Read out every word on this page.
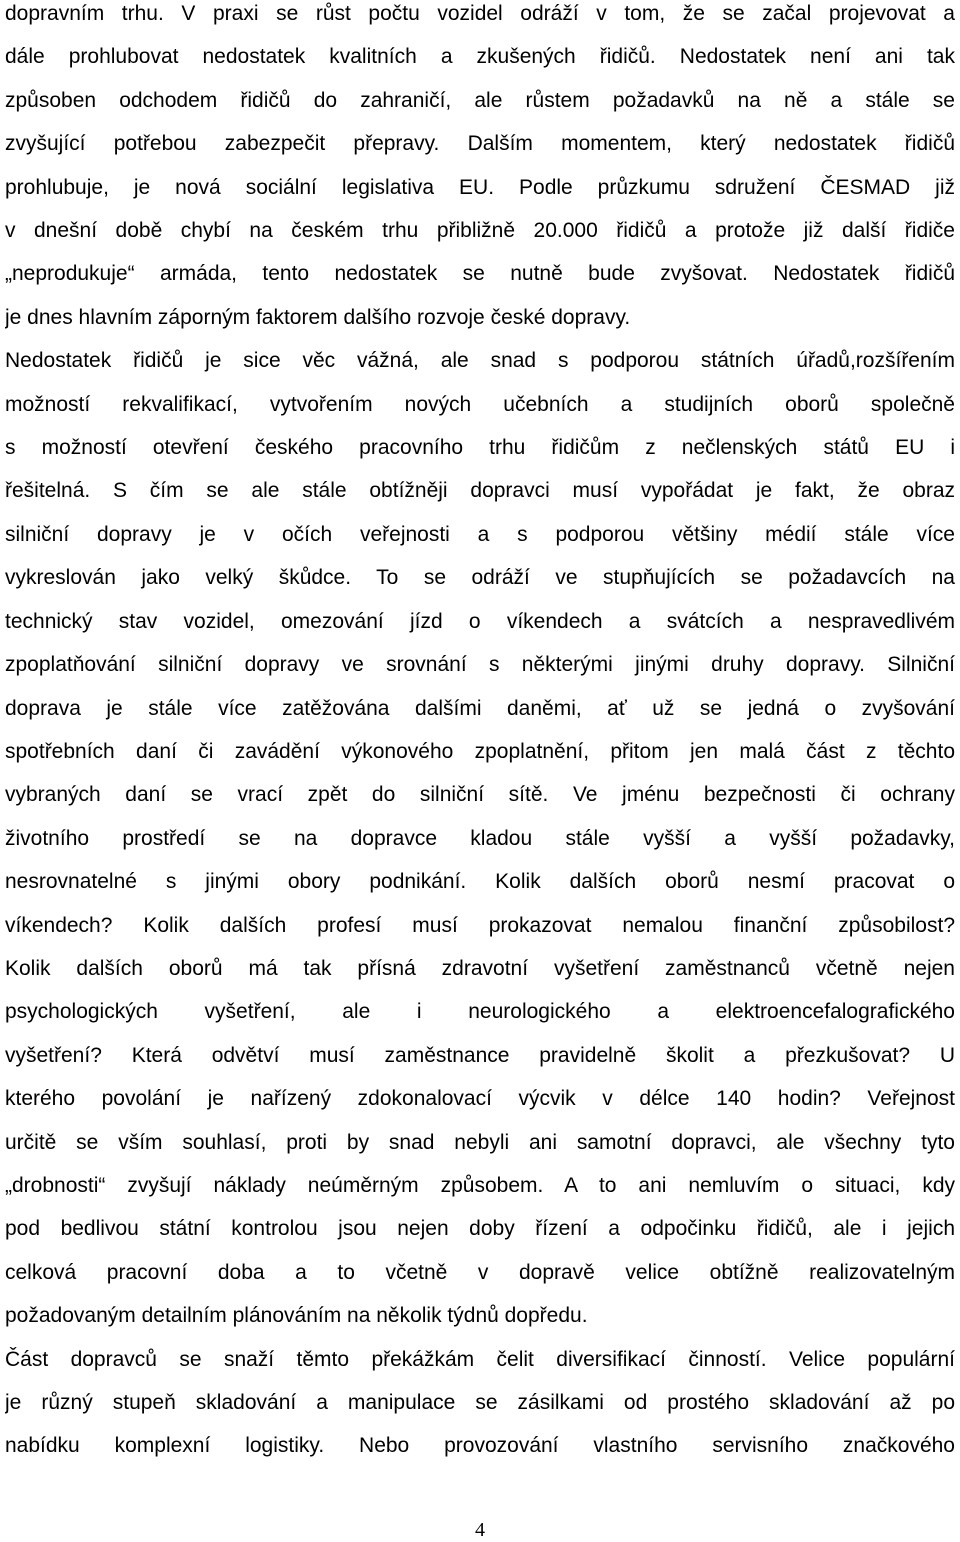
dopravním trhu. V praxi se růst počtu vozidel odráží v tom, že se začal projevovat a
dále prohlubovat nedostatek kvalitních a zkušených řidičů. Nedostatek není ani tak
způsoben odchodem řidičů do zahraničí, ale růstem požadavků na ně a stále se
zvyšující potřebou zabezpečit přepravy. Dalším momentem, který nedostatek řidičů
prohlubuje, je nová sociální legislativa EU. Podle průzkumu sdružení ČESMAD již
v dnešní době chybí na českém trhu přibližně 20.000 řidičů a protože již další řidiče
„neprodukuje“ armáda, tento nedostatek se nutně bude zvyšovat. Nedostatek řidičů
je dnes hlavním záporným faktorem dalšího rozvoje české dopravy.
Nedostatek řidičů je sice věc vážná, ale snad s podporou státních úřadů,rozšířením
možností rekvalifikací, vytvořením nových učebních a studijních oborů společně
s možností otevření českého pracovního trhu řidičům z nečlenských států EU i
řešitelná. S čím se ale stále obtížněji dopravci musí vypořádat je fakt, že obraz
silniční dopravy je v očích veřejnosti a s podporou většiny médií stále více
vykreslován jako velký škůdce. To se odráží ve stupňujících se požadavcích na
technický stav vozidel, omezování jízd o víkendech a svátcích a nespravedlivém
zpoplatňování silniční dopravy ve srovnání s některými jinými druhy dopravy. Silniční
doprava je stále více zatěžována dalšími daněmi, ať už se jedná o zvyšování
spotřebních daní či zavádění výkonového zpoplatnění, přitom jen malá část z těchto
vybraných daní se vrací zpět do silniční sítě. Ve jménu bezpečnosti či ochrany
životního prostředí se na dopravce kladou stále vyšší a vyšší požadavky,
nesrovnatelné s jinými obory podnikání. Kolik dalších oborů nesmí pracovat o
víkendech? Kolik dalších profesí musí prokazovat nemalou finanční způsobilost?
Kolik dalších oborů má tak přísná zdravotní vyšetření zaměstnanců včetně nejen
psychologických vyšetření, ale i neurologického a elektroencefalografického
vyšetření? Která odvětví musí zaměstnance pravidelně školit a přezkušovat? U
kterého povolání je nařízený zdokonalovací výcvik v délce 140 hodin? Veřejnost
určitě se vším souhlasí, proti by snad nebyli ani samotní dopravci, ale všechny tyto
„drobnosti“ zvyšují náklady neúměrným způsobem. A to ani nemluvím o situaci, kdy
pod bedlivou státní kontrolou jsou nejen doby řízení a odpočinku řidičů, ale i jejich
celková pracovní doba a to včetně v dopravě velice obtížně realizovatelným
požadovaným detailním plánováním na několik týdnů dopředu.
Část dopravců se snaží těmto překážkám čelit diversifikací činností. Velice populární
je různý stupeň skladování a manipulace se zásilkami od prostého skladování až po
nabídku komplexní logistiky. Nebo provozování vlastního servisního značkového
4
